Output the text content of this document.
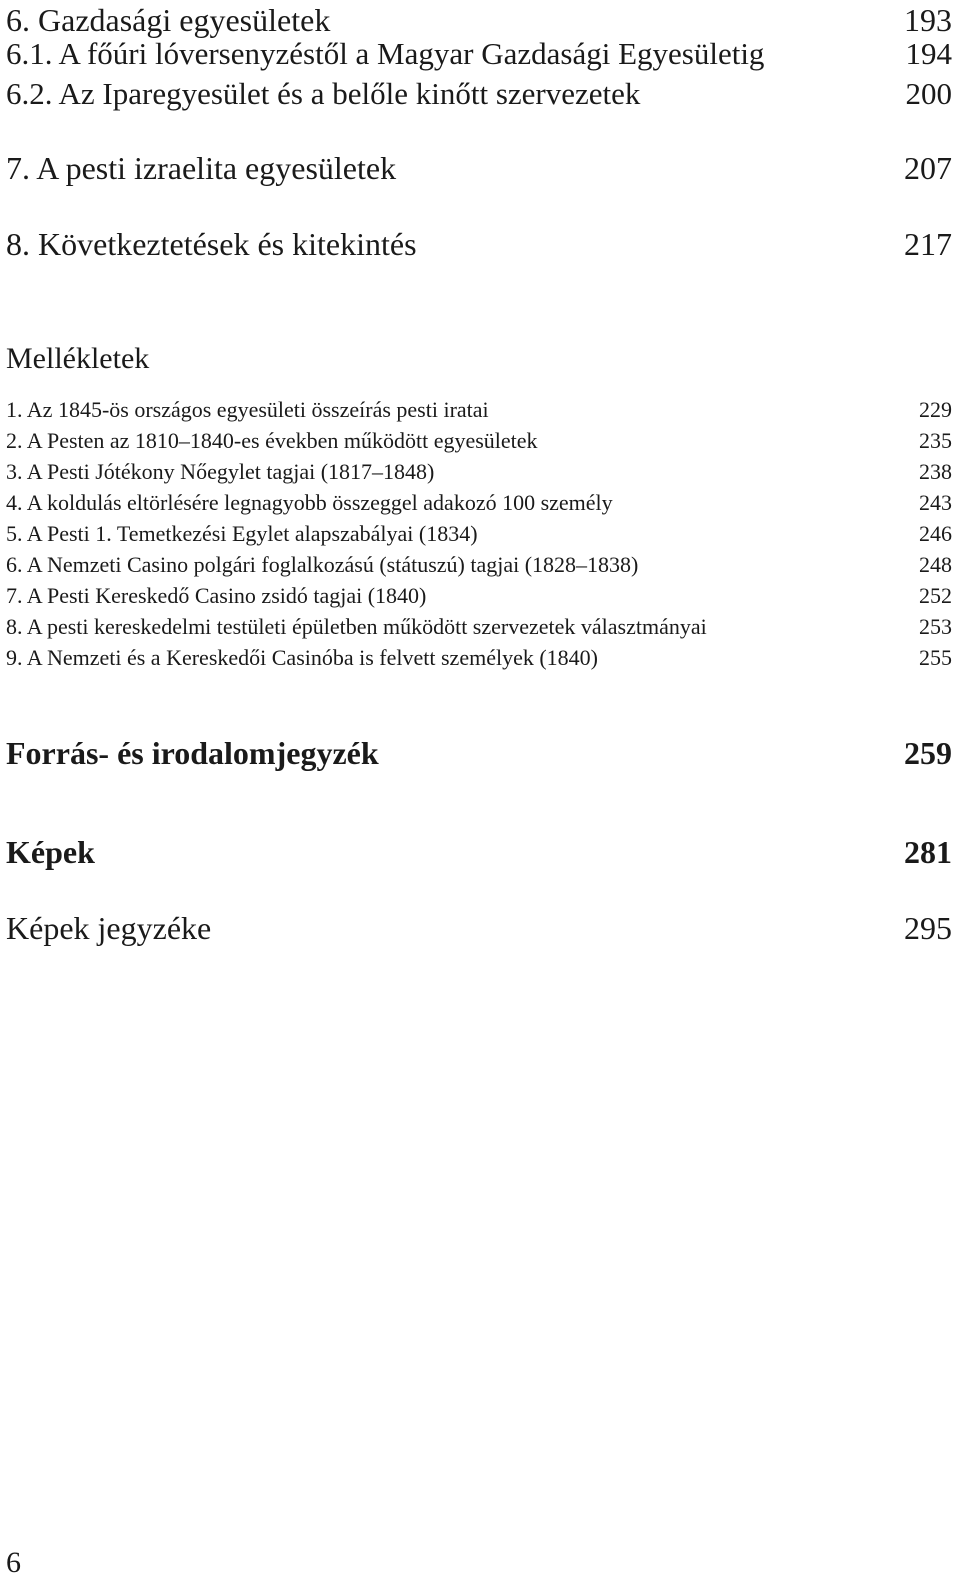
6. Gazdasági egyesületek	193
6.1. A főúri lóversenyzéstől a Magyar Gazdasági Egyesületig	194
6.2. Az Iparegyesület és a belőle kinőtt szervezetek	200
7. A pesti izraelita egyesületek	207
8. Következtetések és kitekintés	217
Mellékletek
1. Az 1845-ös országos egyesületi összeírás pesti iratai	229
2. A Pesten az 1810–1840-es években működött egyesületek	235
3. A Pesti Jótékony Nőegylet tagjai (1817–1848)	238
4. A koldulás eltörlésére legnagyobb összeggel adakozó 100 személy	243
5. A Pesti 1. Temetkezési Egylet alapszabályai (1834)	246
6. A Nemzeti Casino polgári foglalkozású (státuszú) tagjai (1828–1838)	248
7. A Pesti Kereskedő Casino zsidó tagjai (1840)	252
8. A pesti kereskedelmi testületi épületben működött szervezetek választmányai	253
9. A Nemzeti és a Kereskedői Casinóba is felvett személyek (1840)	255
Forrás- és irodalomjegyzék	259
Képek	281
Képek jegyzéke	295
6
